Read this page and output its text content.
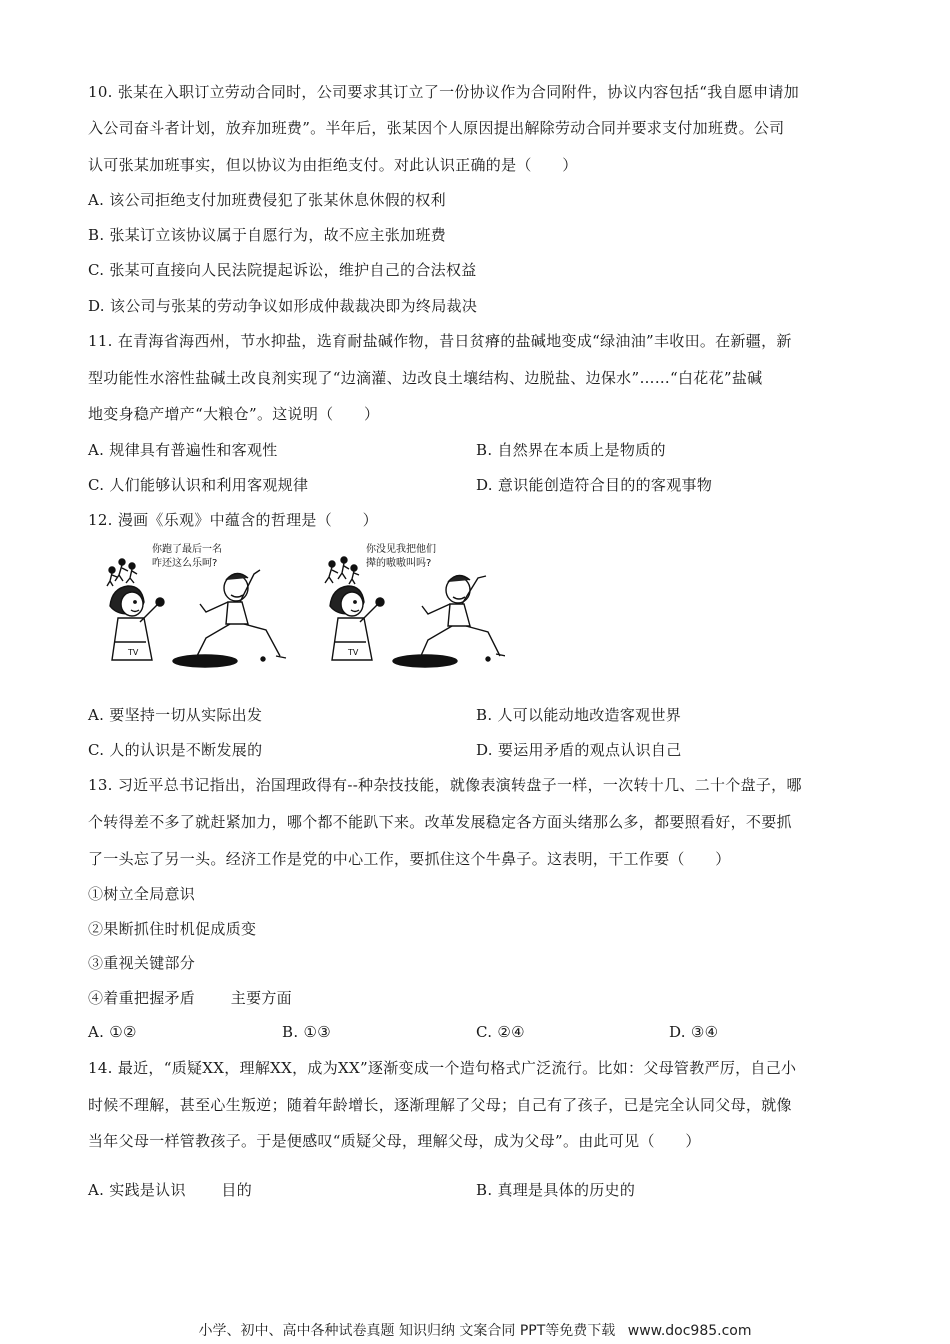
10. 张某在入职订立劳动合同时，公司要求其订立了一份协议作为合同附件，协议内容包括“我自愿申请加
入公司奋斗者计划，放弃加班费”。半年后，张某因个人原因提出解除劳动合同并要求支付加班费。公司
认可张某加班事实，但以协议为由拒绝支付。对此认识正确的是（　　）
A. 该公司拒绝支付加班费侵犯了张某休息休假的权利
B. 张某订立该协议属于自愿行为，故不应主张加班费
C. 张某可直接向人民法院提起诉讼，维护自己的合法权益
D. 该公司与张某的劳动争议如形成仲裁裁决即为终局裁决
11. 在青海省海西州，节水抑盐，选育耐盐碱作物，昔日贫瘠的盐碱地变成“绿油油”丰收田。在新疆，新
型功能性水溶性盐碱土改良剂实现了“边滴灌、边改良土壤结构、边脱盐、边保水”……“白花花”盐碱
地变身稳产增产“大粮仓”。这说明（　　）
A. 规律具有普遍性和客观性	B. 自然界在本质上是物质的
C. 人们能够认识和利用客观规律	D. 意识能创造符合目的的客观事物
12. 漫画《乐观》中蕴含的哲理是（　　）
TV
你跑了最后一名
咋还这么乐呵?
TV
你没见我把他们
撵的嗷嗷叫吗?
A. 要坚持一切从实际出发	B. 人可以能动地改造客观世界
C. 人的认识是不断发展的	D. 要运用矛盾的观点认识自己
13. 习近平总书记指出，治国理政得有--种杂技技能，就像表演转盘子一样，一次转十几、二十个盘子，哪
个转得差不多了就赶紧加力，哪个都不能趴下来。改革发展稳定各方面头绪那么多，都要照看好，不要抓
了一头忘了另一头。经济工作是党的中心工作，要抓住这个牛鼻子。这表明，干工作要（　　）
①树立全局意识
②果断抓住时机促成质变
③重视关键部分
④着重把握矛盾　　 主要方面
A. ①②	B. ①③	C. ②④	D. ③④
14. 最近，“质疑XX，理解XX，成为XX”逐渐变成一个造句格式广泛流行。比如：父母管教严厉，自己小
时候不理解，甚至心生叛逆；随着年龄增长，逐渐理解了父母；自己有了孩子，已是完全认同父母，就像
当年父母一样管教孩子。于是便感叹“质疑父母，理解父母，成为父母”。由此可见（　　）
A. 实践是认识　　 目的	B. 真理是具体的历史的
小学、初中、高中各种试卷真题 知识归纳 文案合同 PPT等免费下载 www.doc985.com
